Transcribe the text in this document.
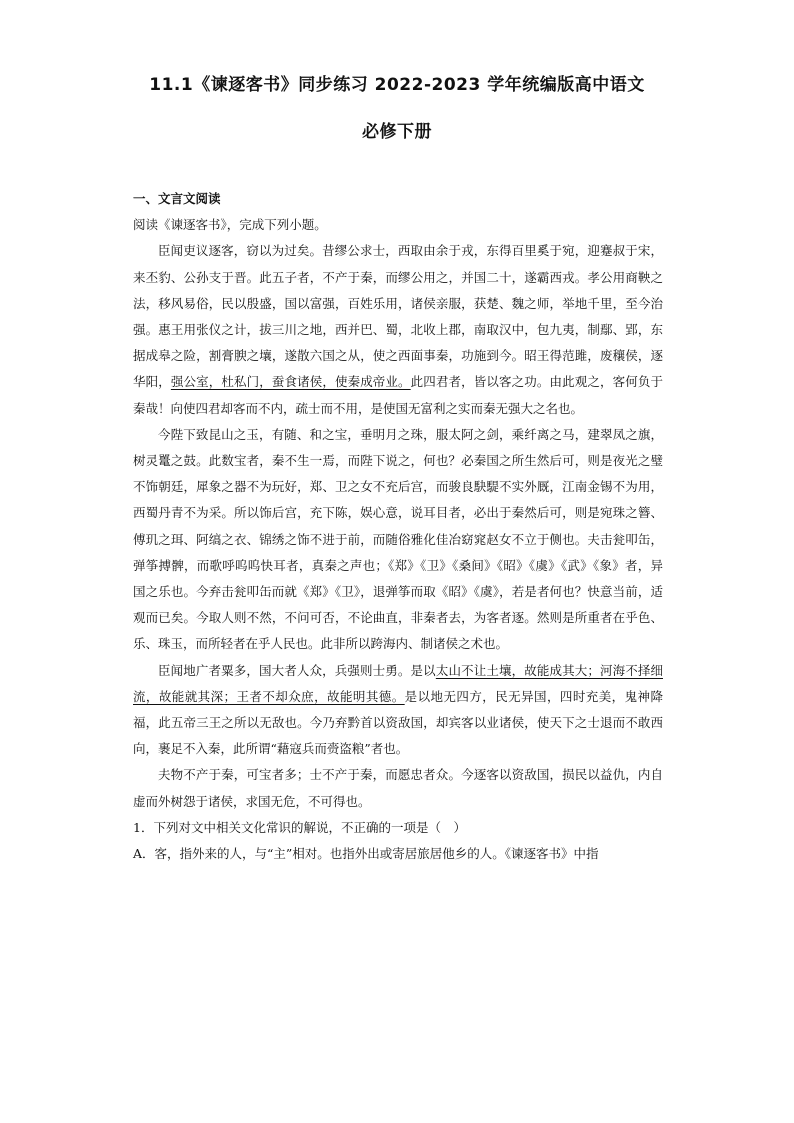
11.1《谏逐客书》同步练习 2022-2023 学年统编版高中语文
必修下册

一、文言文阅读

阅读《谏逐客书》，完成下列小题。

臣闻吏议逐客，窃以为过矣。昔缪公求士，西取由余于戎，东得百里奚于宛，迎蹇叔于宋，来丕豹、公孙支于晋。此五子者，不产于秦，而缪公用之，并国二十，遂霸西戎。孝公用商鞅之法，移风易俗，民以殷盛，国以富强，百姓乐用，诸侯亲服，获楚、魏之师，举地千里，至今治强。惠王用张仪之计，拔三川之地，西并巴、蜀，北收上郡，南取汉中，包九夷，制鄢、郢，东据成皋之险，割膏腴之壤，遂散六国之从，使之西面事秦，功施到今。昭王得范雎，废穰侯，逐华阳，强公室，杜私门，蚕食诸侯，使秦成帝业。此四君者，皆以客之功。由此观之，客何负于秦哉！向使四君却客而不内，疏士而不用，是使国无富利之实而秦无强大之名也。

今陛下致昆山之玉，有随、和之宝，垂明月之珠，服太阿之剑，乘纤离之马，建翠凤之旗，树灵鼍之鼓。此数宝者，秦不生一焉，而陛下说之，何也？必秦国之所生然后可，则是夜光之璧不饰朝廷，犀象之器不为玩好，郑、卫之女不充后宫，而骏良駃騠不实外厩，江南金锡不为用，西蜀丹青不为采。所以饰后宫，充下陈，娱心意，说耳目者，必出于秦然后可，则是宛珠之簪、傅玑之珥、阿缟之衣、锦绣之饰不进于前，而随俗雅化佳冶窈窕赵女不立于侧也。夫击瓮叩缶，弹筝搏髀，而歌呼呜呜快耳者，真秦之声也；《郑》《卫》《桑间》《昭》《虞》《武》《象》者，异国之乐也。今弃击瓮叩缶而就《郑》《卫》，退弹筝而取《昭》《虞》，若是者何也？快意当前，适观而已矣。今取人则不然，不问可否，不论曲直，非秦者去，为客者逐。然则是所重者在乎色、乐、珠玉，而所轻者在乎人民也。此非所以跨海内、制诸侯之术也。

臣闻地广者粟多，国大者人众，兵强则士勇。是以太山不让土壤，故能成其大；河海不择细流，故能就其深；王者不却众庶，故能明其德。是以地无四方，民无异国，四时充美，鬼神降福，此五帝三王之所以无敌也。今乃弃黔首以资敌国，却宾客以业诸侯，使天下之士退而不敢西向，裹足不入秦，此所谓“藉寇兵而赍盗粮”者也。

夫物不产于秦，可宝者多；士不产于秦，而愿忠者众。今逐客以资敌国，损民以益仇，内自虚而外树怨于诸侯，求国无危，不可得也。

1．下列对文中相关文化常识的解说，不正确的一项是（　）

A．客，指外来的人，与“主”相对。也指外出或寄居旅居他乡的人。《谏逐客书》中指
